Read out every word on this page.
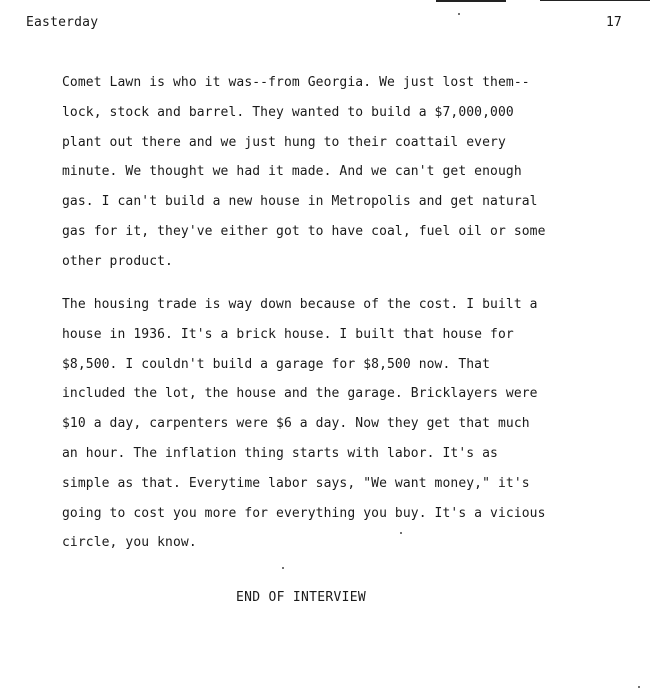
Easterday	17

Comet Lawn is who it was--from Georgia. We just lost them--
lock, stock and barrel. They wanted to build a $7,000,000
plant out there and we just hung to their coattail every
minute. We thought we had it made. And we can't get enough
gas. I can't build a new house in Metropolis and get natural
gas for it, they've either got to have coal, fuel oil or some
other product.

The housing trade is way down because of the cost. I built a
house in 1936. It's a brick house. I built that house for
$8,500. I couldn't build a garage for $8,500 now. That
included the lot, the house and the garage. Bricklayers were
$10 a day, carpenters were $6 a day. Now they get that much
an hour. The inflation thing starts with labor. It's as
simple as that. Everytime labor says, "We want money," it's
going to cost you more for everything you buy. It's a vicious
circle, you know.

END OF INTERVIEW
